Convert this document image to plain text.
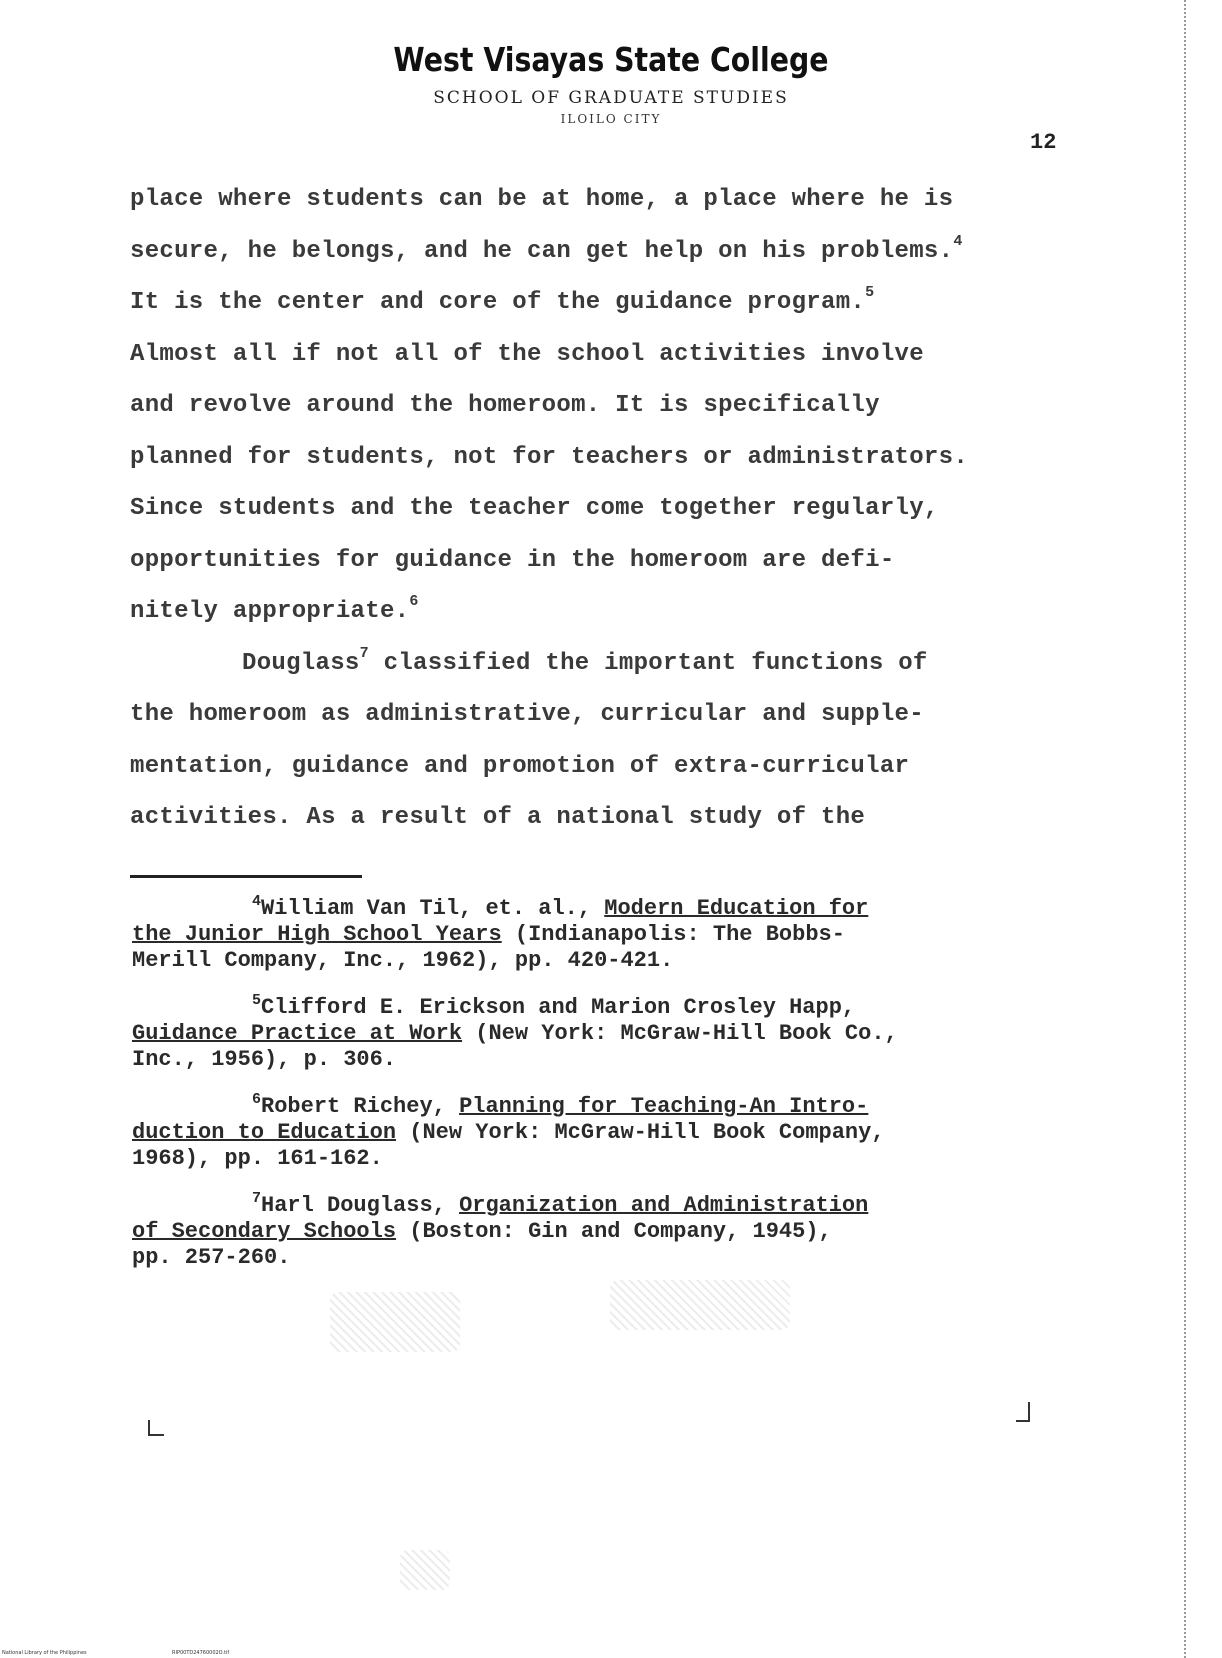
West Visayas State College
SCHOOL OF GRADUATE STUDIES
ILOILO CITY
12
place where students can be at home, a place where he is
secure, he belongs, and he can get help on his problems.$^4$
It is the center and core of the guidance program.$^5$
Almost all if not all of the school activities involve
and revolve around the homeroom. It is specifically
planned for students, not for teachers or administrators.
Since students and the teacher come together regularly,
opportunities for guidance in the homeroom are defi-
nitely appropriate.$^6$
Douglass$^7$ classified the important functions of
the homeroom as administrative, curricular and supple-
mentation, guidance and promotion of extra-curricular
activities. As a result of a national study of the
$^4$William Van Til, et. al., Modern Education for
the Junior High School Years (Indianapolis: The Bobbs-
Merill Company, Inc., 1962), pp. 420-421.
$^5$Clifford E. Erickson and Marion Crosley Happ,
Guidance Practice at Work (New York: McGraw-Hill Book Co.,
Inc., 1956), p. 306.
$^6$Robert Richey, Planning for Teaching-An Intro-
duction to Education (New York: McGraw-Hill Book Company,
1968), pp. 161-162.
$^7$Harl Douglass, Organization and Administration
of Secondary Schools (Boston: Gin and Company, 1945),
pp. 257-260.
National Library of the Philippines	RIP00TD24760002O.tif
